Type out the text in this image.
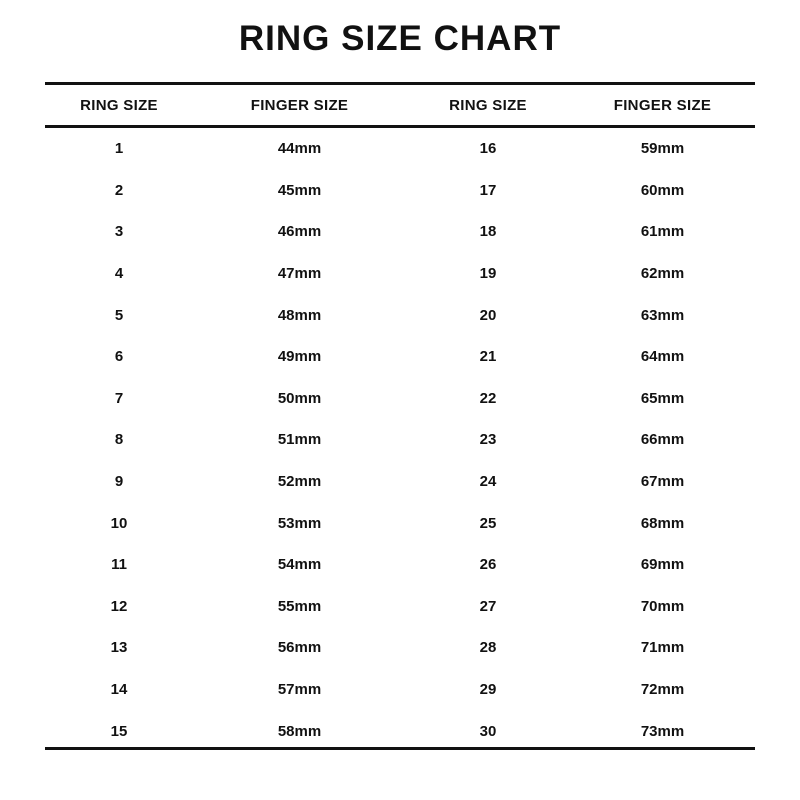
RING SIZE CHART
RING SIZE	FINGER SIZE	RING SIZE	FINGER SIZE
1	44mm	16	59mm
2	45mm	17	60mm
3	46mm	18	61mm
4	47mm	19	62mm
5	48mm	20	63mm
6	49mm	21	64mm
7	50mm	22	65mm
8	51mm	23	66mm
9	52mm	24	67mm
10	53mm	25	68mm
11	54mm	26	69mm
12	55mm	27	70mm
13	56mm	28	71mm
14	57mm	29	72mm
15	58mm	30	73mm
